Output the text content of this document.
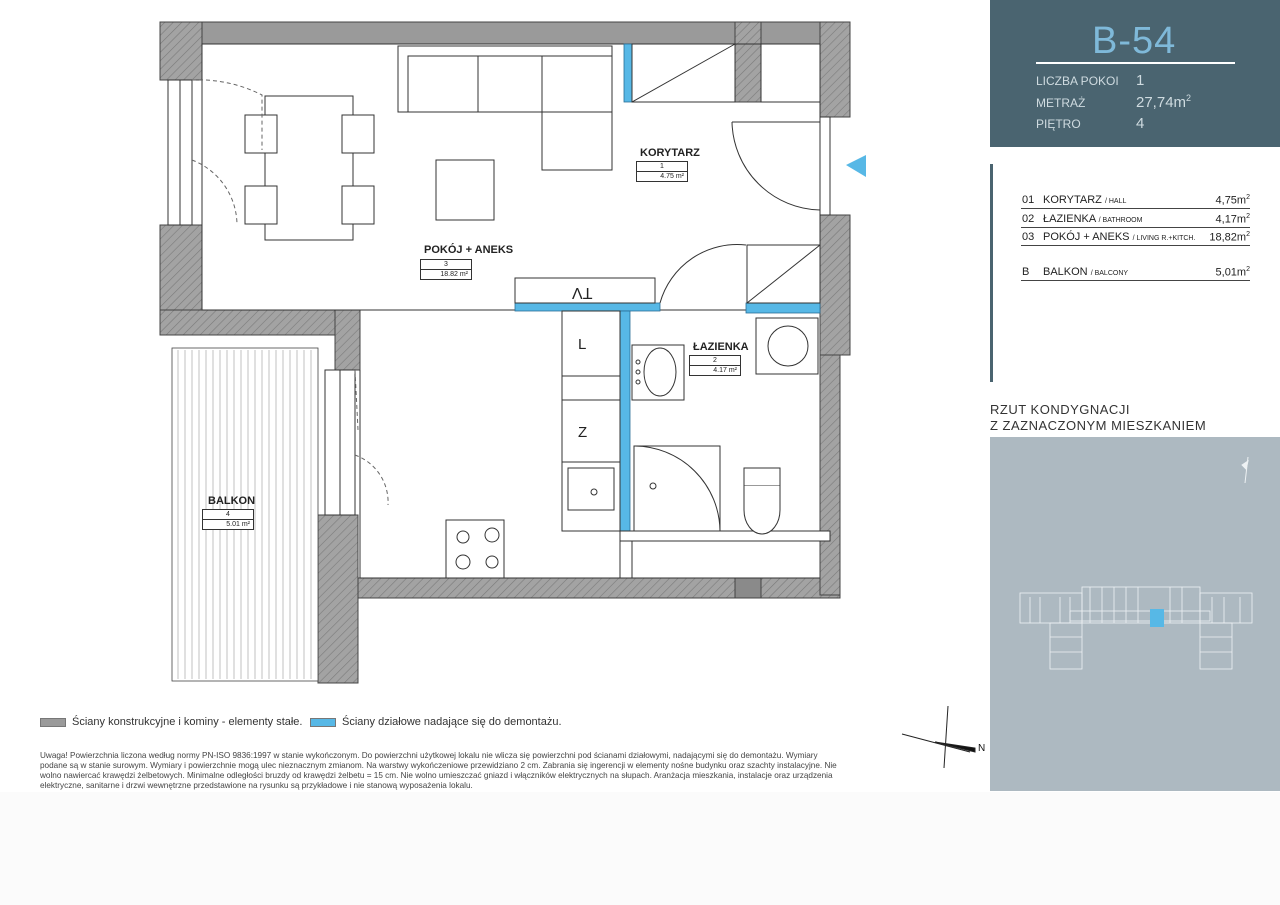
KORYTARZ
1
4.75 m²
POKÓJ + ANEKS
3
18.82 m²
ŁAZIENKA
2
4.17 m²
BALKON
4
5.01 m²
TV
L
Z
Ściany konstrukcyjne i kominy - elementy stałe.	Ściany działowe nadające się do demontażu.
Uwaga! Powierzchnia liczona według normy PN-ISO 9836:1997 w stanie wykończonym. Do powierzchni użytkowej lokalu nie wlicza się powierzchni pod ścianami działowymi, nadającymi się do demontażu. Wymiary podane są w stanie surowym. Wymiary i powierzchnie mogą ulec nieznacznym zmianom. Na warstwy wykończeniowe przewidziano 2 cm. Zabrania się ingerencji w elementy nośne budynku oraz szachty instalacyjne. Nie wolno nawiercać krawędzi żelbetowych. Minimalne odległości bruzdy od krawędzi żelbetu = 15 cm. Nie wolno umieszczać gniazd i włączników elektrycznych na słupach. Aranżacja mieszkania, instalacje oraz urządzenia elektryczne, sanitarne i drzwi wewnętrzne przedstawione na rysunku są przykładowe i nie stanową wyposażenia lokalu.
N
B-54
LICZBA POKOI 1
METRAŻ	$27,74m^2$
PIĘTRO	4
01 KORYTARZ / HALL	$4,75m^2$
02 ŁAZIENKA / BATHROOM	$4,17m^2$
03 POKÓJ + ANEKS / LIVING R.+KITCH. $18,82m^2$
B BALKON / BALCONY	$5,01m^2$
RZUT KONDYGNACJI
Z ZAZNACZONYM MIESZKANIEM
